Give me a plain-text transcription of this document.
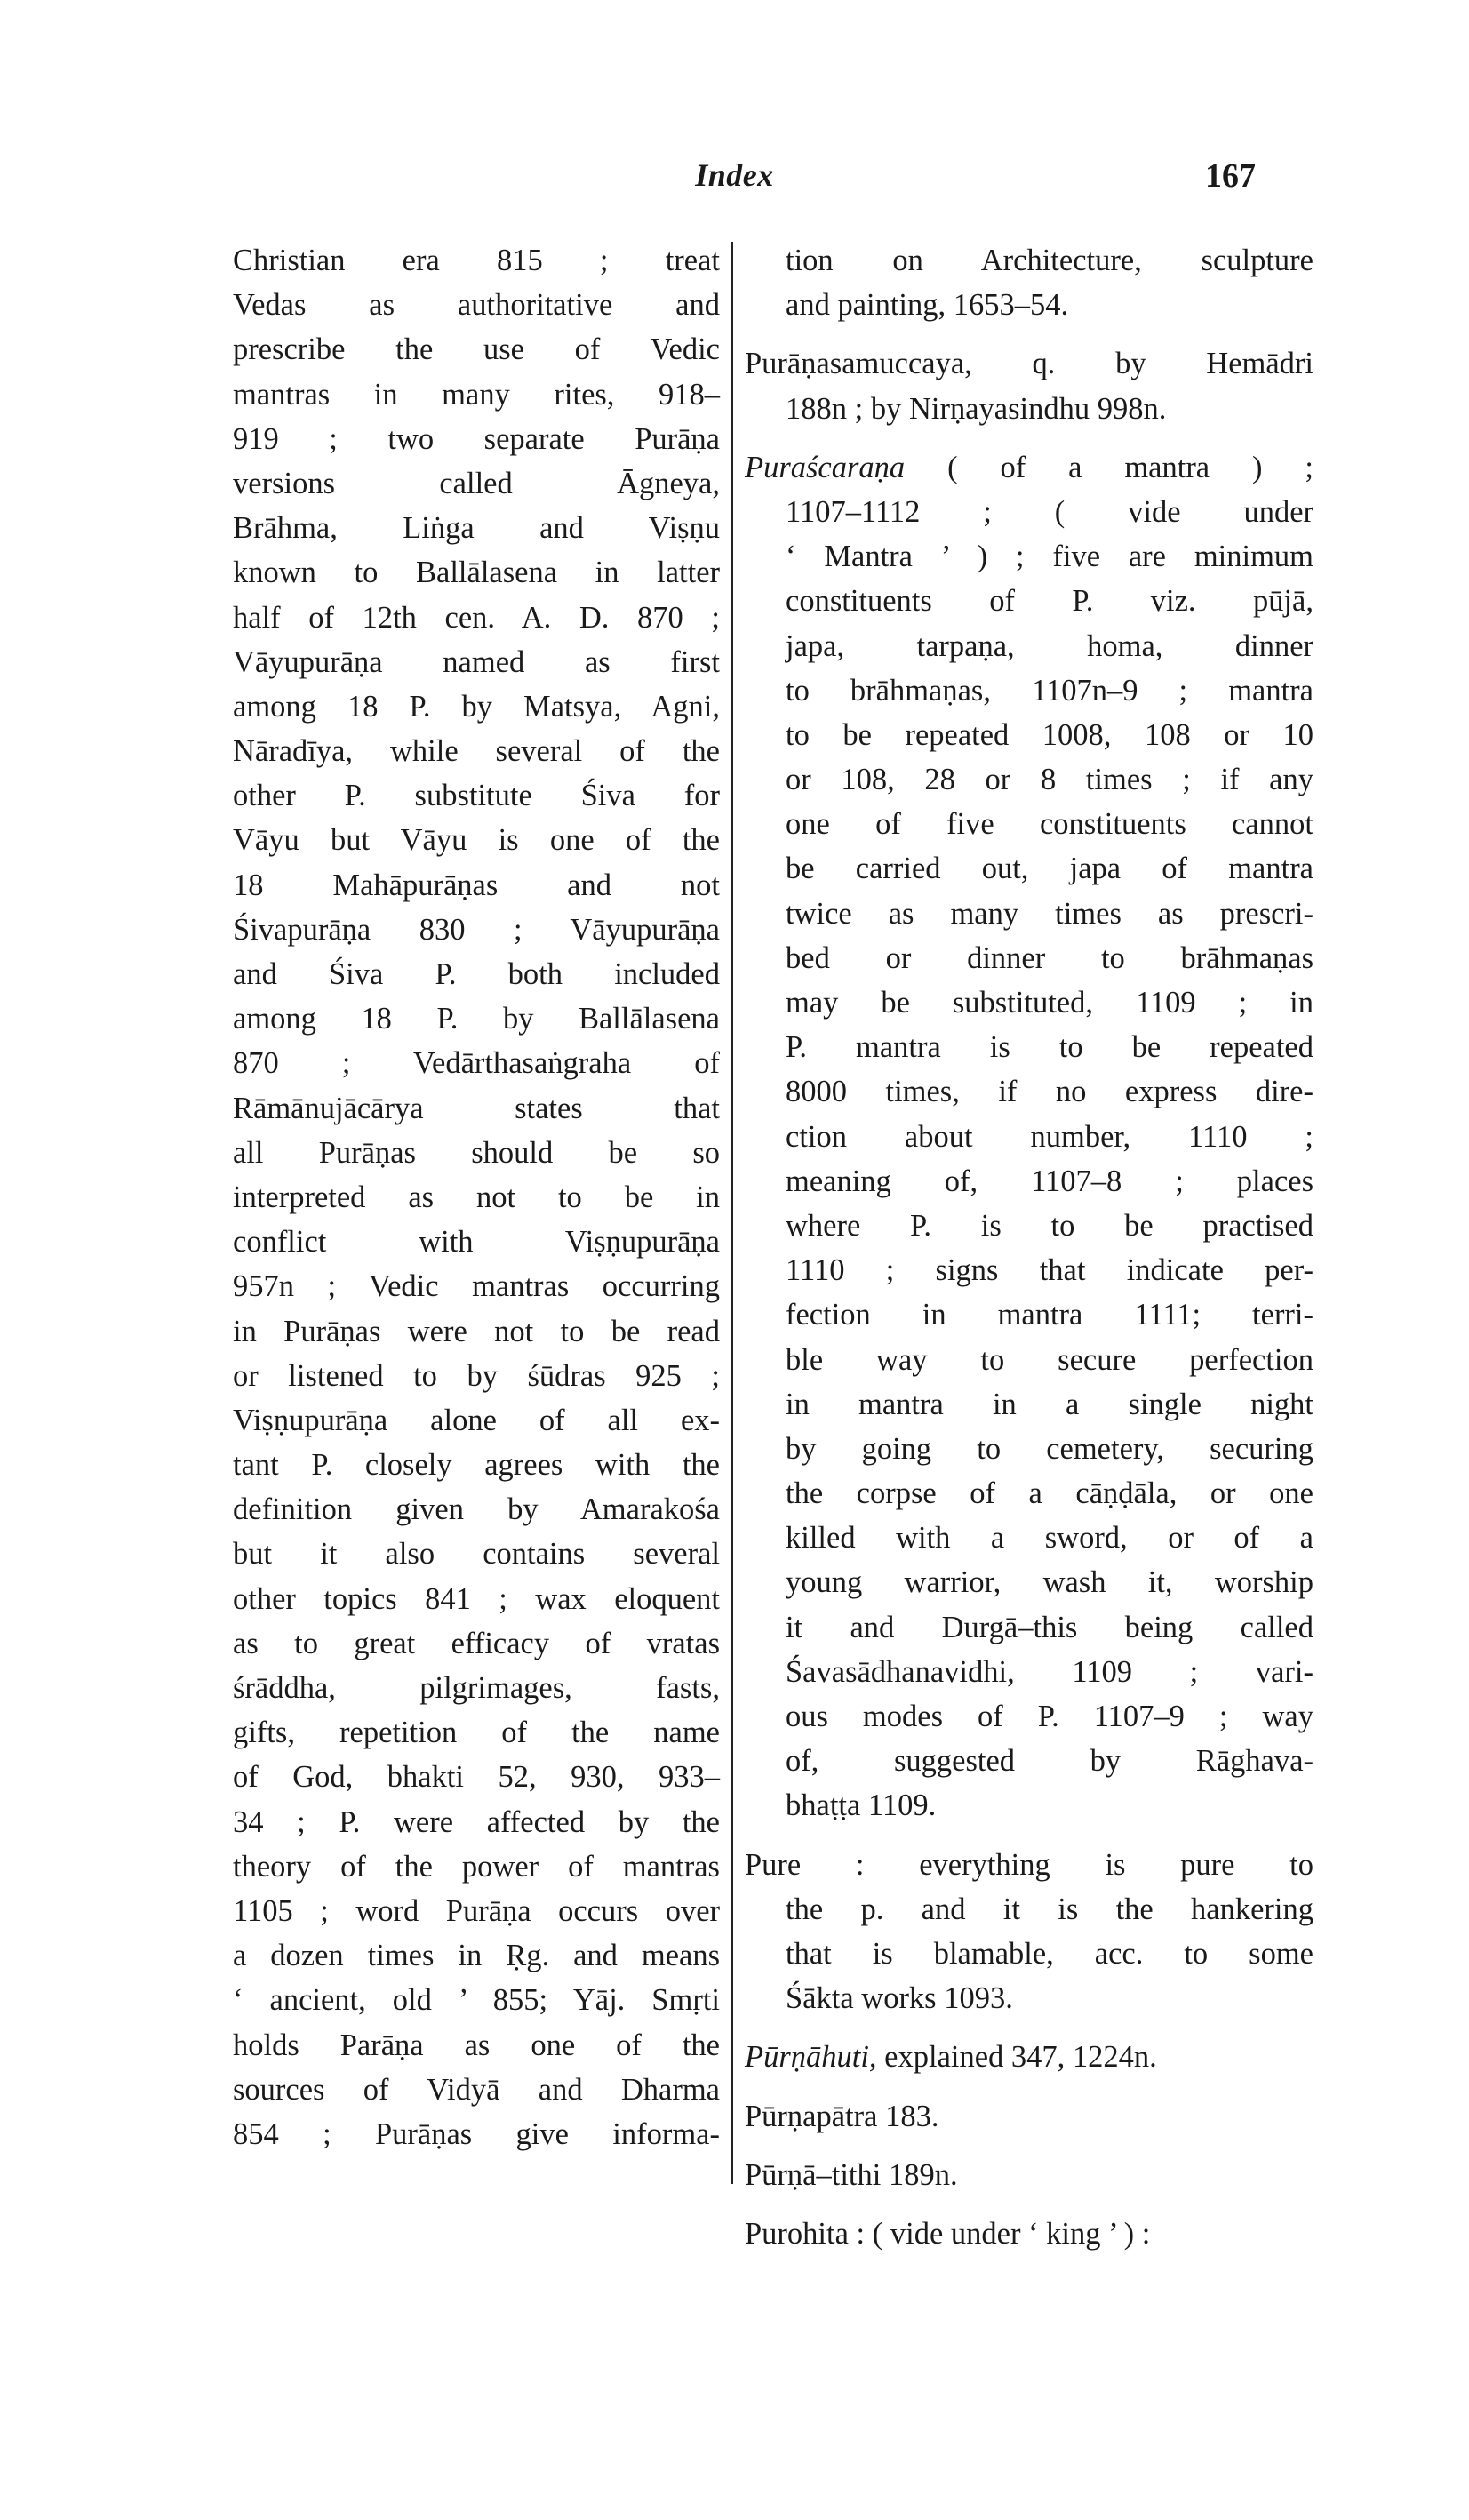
Index	167
Christian era 815 ; treat
Vedas as authoritative and
prescribe the use of Vedic
mantras in many rites, 918–
919 ; two separate Purāṇa
versions called Āgneya,
Brāhma, Liṅga and Viṣṇu
known to Ballālasena in latter
half of 12th cen. A. D. 870 ;
Vāyupurāṇa named as first
among 18 P. by Matsya, Agni,
Nāradīya, while several of the
other P. substitute Śiva for
Vāyu but Vāyu is one of the
18 Mahāpurāṇas and not
Śivapurāṇa 830 ; Vāyupurāṇa
and Śiva P. both included
among 18 P. by Ballālasena
870 ; Vedārthasaṅgraha of
Rāmānujācārya states that
all Purāṇas should be so
interpreted as not to be in
conflict with Viṣṇupurāṇa
957n ; Vedic mantras occurring
in Purāṇas were not to be read
or listened to by śūdras 925 ;
Viṣṇupurāṇa alone of all ex-
tant P. closely agrees with the
definition given by Amarakośa
but it also contains several
other topics 841 ; wax eloquent
as to great efficacy of vratas
śrāddha, pilgrimages, fasts,
gifts, repetition of the name
of God, bhakti 52, 930, 933–
34 ; P. were affected by the
theory of the power of mantras
1105 ; word Purāṇa occurs over
a dozen times in Ṛg. and means
‘ ancient, old ’ 855; Yāj. Smṛti
holds Parāṇa as one of the
sources of Vidyā and Dharma
854 ; Purāṇas give informa-
tion on Architecture, sculpture
and painting, 1653–54.
Purāṇasamuccaya, q. by Hemādri
188n ; by Nirṇayasindhu 998n.
Puraścaraṇa ( of a mantra ) ;
1107–1112 ; ( vide under
‘ Mantra ’ ) ; five are minimum
constituents of P. viz. pūjā,
japa, tarpaṇa, homa, dinner
to brāhmaṇas, 1107n–9 ; mantra
to be repeated 1008, 108 or 10
or 108, 28 or 8 times ; if any
one of five constituents cannot
be carried out, japa of mantra
twice as many times as prescri-
bed or dinner to brāhmaṇas
may be substituted, 1109 ; in
P. mantra is to be repeated
8000 times, if no express dire-
ction about number, 1110 ;
meaning of, 1107–8 ; places
where P. is to be practised
1110 ; signs that indicate per-
fection in mantra 1111; terri-
ble way to secure perfection
in mantra in a single night
by going to cemetery, securing
the corpse of a cāṇḍāla, or one
killed with a sword, or of a
young warrior, wash it, worship
it and Durgā–this being called
Śavasādhanavidhi, 1109 ; vari-
ous modes of P. 1107–9 ; way
of, suggested by Rāghava-
bhaṭṭa 1109.
Pure : everything is pure to
the p. and it is the hankering
that is blamable, acc. to some
Śākta works 1093.
Pūrṇāhuti, explained 347, 1224n.
Pūrṇapātra 183.
Pūrṇā–tithi 189n.
Purohita : ( vide under ‘ king ’ ) :
